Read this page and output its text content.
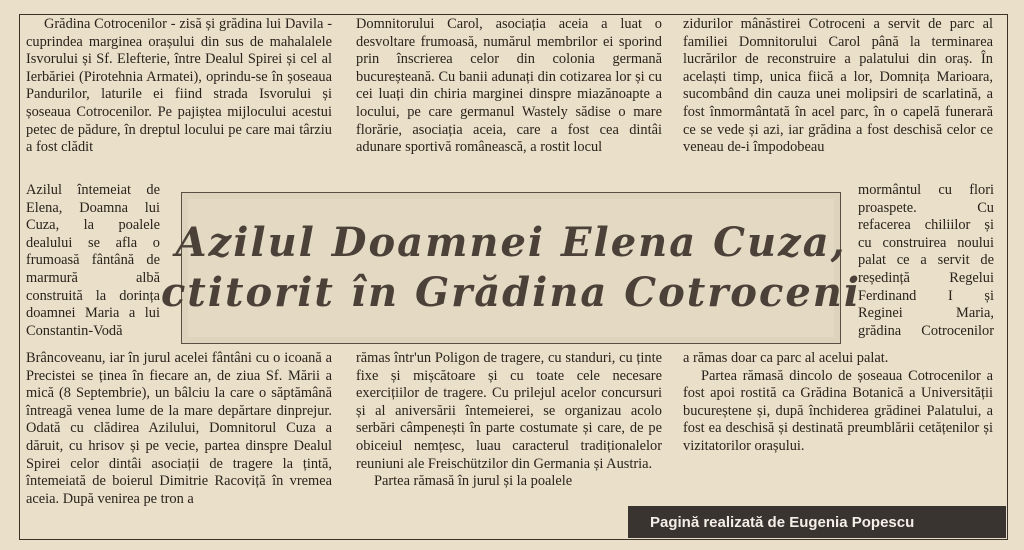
Grădina Cotrocenilor - zisă și grădina lui Davila - cuprindea marginea orașului din sus de mahalalele Isvorului și Sf. Elefterie, între Dealul Spirei și cel al Ierbăriei (Pirotehnia Armatei), oprindu-se în șoseaua Pandurilor, laturile ei fiind strada Isvorului și șoseaua Cotrocenilor. Pe pajiștea mijlocului acestui petec de pădure, în dreptul locului pe care mai târziu a fost clădit

Azilul întemeiat de
Elena, Doamna lui
Cuza, la poalele
dealului se afla o
frumoasă fântână de
marmură albă
construită la dorința
doamnei Maria a lui
Constantin-Vodă

Brâncoveanu, iar în jurul acelei fântâni cu o icoană a Precistei se ținea în fiecare an, de ziua Sf. Mării a mică (8 Septembrie), un bâlciu la care o săptămână întreagă venea lume de la mare depărtare dinprejur. Odată cu clădirea Azilului, Domnitorul Cuza a dăruit, cu hrisov și pe vecie, partea dinspre Dealul Spirei celor dintâi asociații de tragere la țintă, întemeiată de boierul Dimitrie Racoviță în vremea aceia. După venirea pe tron a

Domnitorului Carol, asociația aceia a luat o desvoltare frumoasă, numărul membrilor ei sporind prin înscrierea celor din colonia germană bucureșteană. Cu banii adunați din cotizarea lor și cu cei luați din chiria marginei dinspre miazănoapte a locului, pe care germanul Wastely sădise o mare florărie, asociația aceia, care a fost cea dintâi adunare sportivă românească, a rostit locul

rămas într'un Poligon de tragere, cu standuri, cu ținte fixe și mișcătoare și cu toate cele necesare exercițiilor de tragere. Cu prilejul acelor concursuri și al aniversării întemeierei, se organizau acolo serbări câmpenești în parte costumate și care, de pe obiceiul nemțesc, luau caracterul tradiționalelor reuniuni ale Freischützilor din Germania și Austria.

Partea rămasă în jurul și la poalele

zidurilor mânăstirei Cotroceni a servit de parc al familiei Domnitorului Carol până la terminarea lucrărilor de reconstruire a palatului din oraș. În acelaști timp, unica fiică a lor, Domnița Marioara, sucombând din cauza unei molipsiri de scarlatină, a fost înmormântată în acel parc, în o capelă funerară ce se vede și azi, iar grădina a fost deschisă celor ce veneau de-i împodobeau

mormântul cu flori
proaspete. Cu
refacerea chiliilor și
cu construirea noului
palat ce a servit de
reședință Regelui
Ferdinand I și
Reginei Maria,
grădina Cotrocenilor

a rămas doar ca parc al acelui palat.

Partea rămasă dincolo de șoseaua Cotrocenilor a fost apoi rostită ca Grădina Botanică a Universității bucureștene și, după închiderea grădinei Palatului, a fost ea deschisă și destinată preumblării cetățenilor și vizitatorilor orașului.

Azilul Doamnei Elena Cuza,
ctitorit în Grădina Cotroceni
Pagină realizată de Eugenia Popescu
